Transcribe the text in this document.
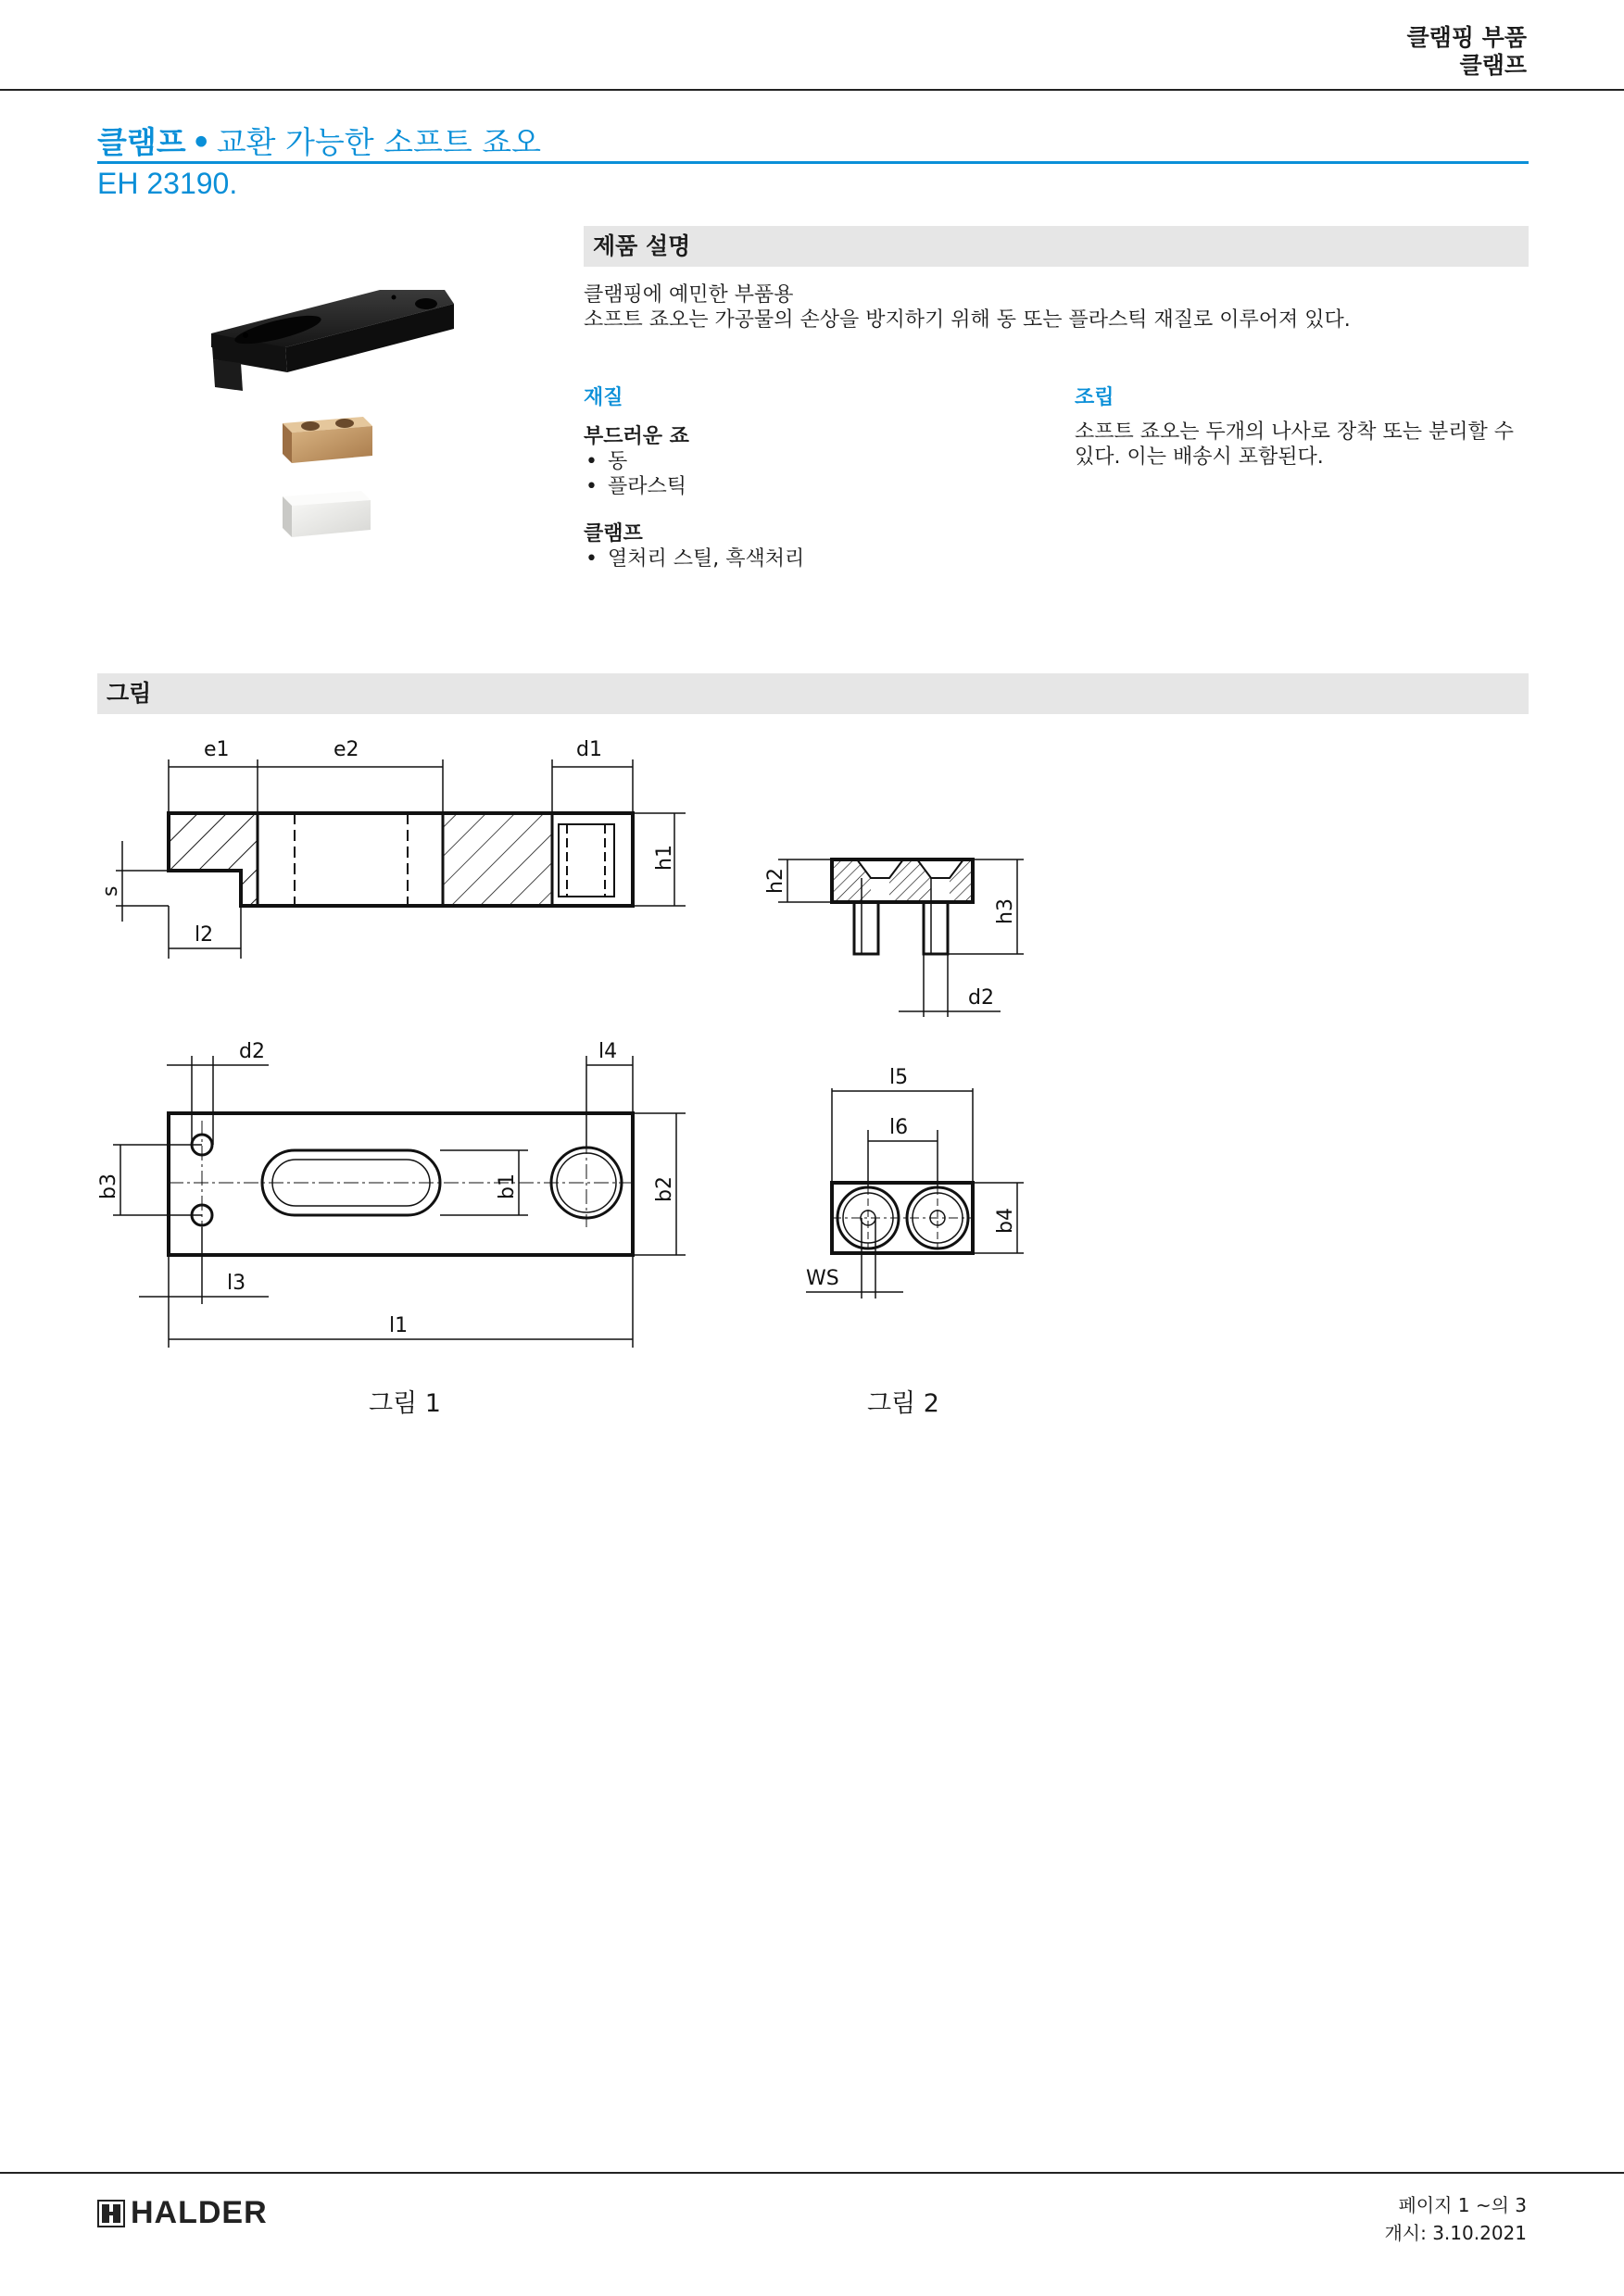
클램핑 부품
클램프
클램프 • 교환 가능한 소프트 죠오
EH 23190.
제품 설명
클램핑에 예민한 부품용
소프트 죠오는 가공물의 손상을 방지하기 위해 동 또는 플라스틱 재질로 이루어져 있다.
재질
부드러운 죠
• 동
• 플라스틱
클램프
• 열처리 스틸, 흑색처리
조립
소프트 죠오는 두개의 나사로 장착 또는 분리할 수 있다. 이는 배송시 포함된다.
그림
e1	e2	d1
h1
s
l2
h2
h3
d2
d2	l4
b3	b1	b2
l3
l1
l5
l6
b4
WS
그림 1	그림 2
HALDER	페이지 1 ~의 3
개시: 3.10.2021
